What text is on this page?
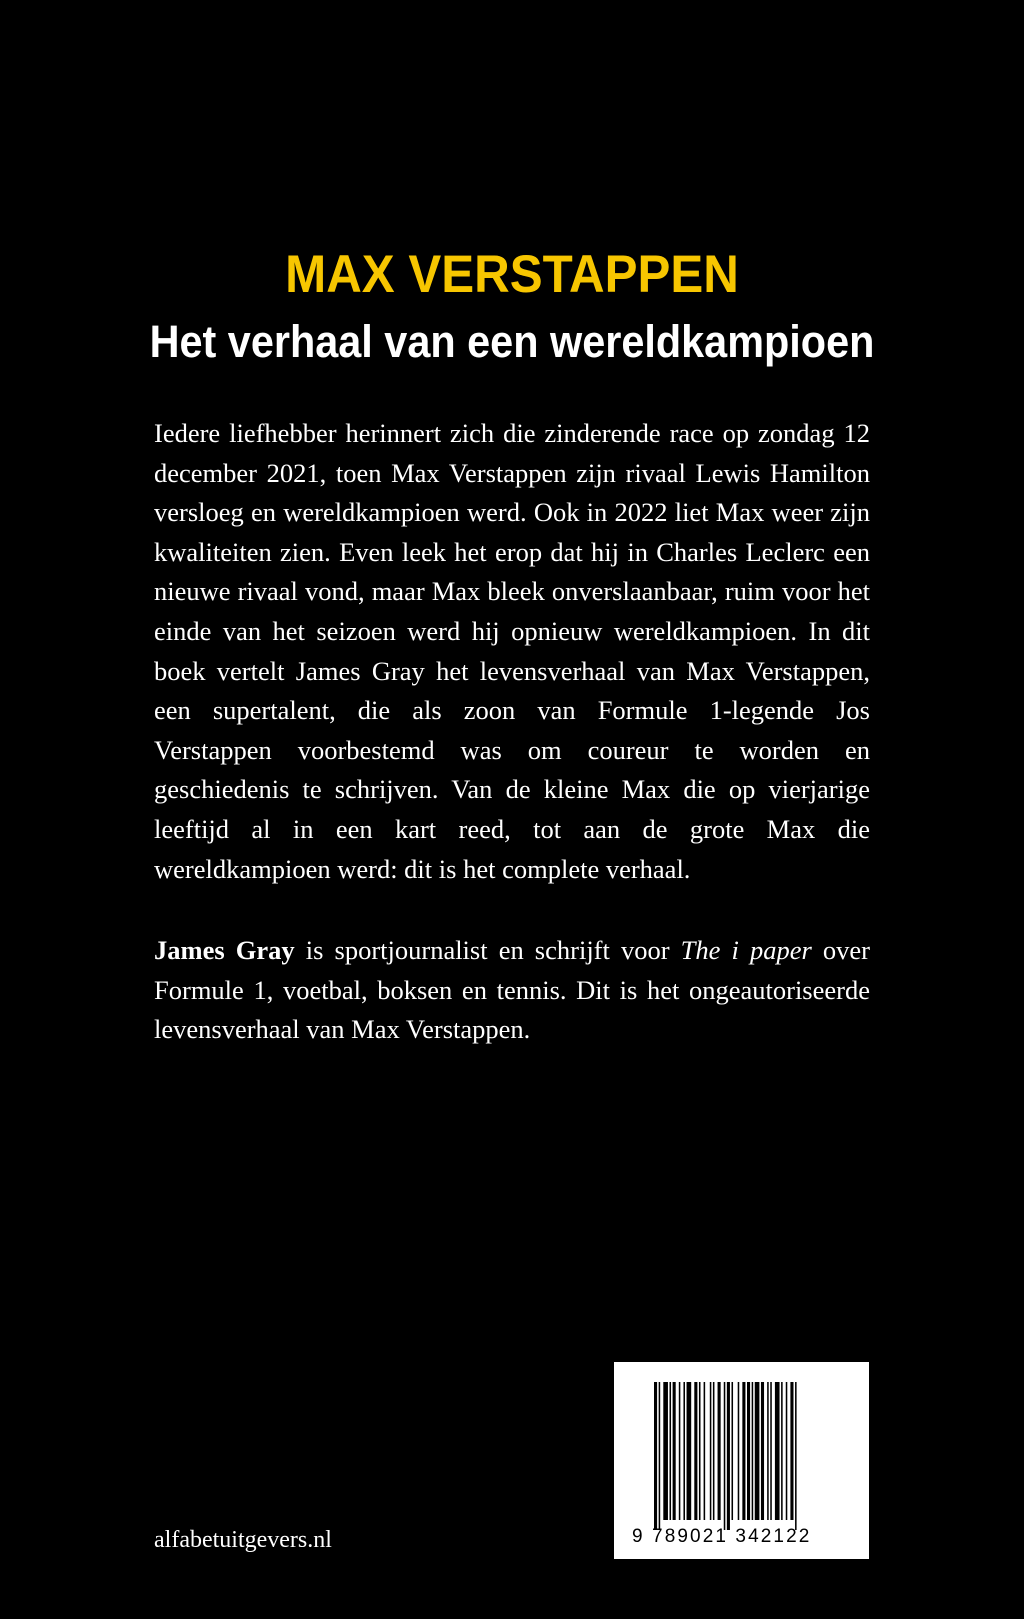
MAX VERSTAPPEN
Het verhaal van een wereldkampioen

Iedere liefhebber herinnert zich die zinderende race op zondag 12 december 2021, toen Max Verstappen zijn rivaal Lewis Hamilton versloeg en wereldkampioen werd. Ook in 2022 liet Max weer zijn kwaliteiten zien. Even leek het erop dat hij in Charles Leclerc een nieuwe rivaal vond, maar Max bleek onverslaanbaar, ruim voor het einde van het seizoen werd hij opnieuw wereldkampioen. In dit boek vertelt James Gray het levensverhaal van Max Verstappen, een supertalent, die als zoon van Formule 1-legende Jos Verstappen voorbestemd was om coureur te worden en geschiedenis te schrijven. Van de kleine Max die op vierjarige leeftijd al in een kart reed, tot aan de grote Max die wereldkampioen werd: dit is het complete verhaal.

James Gray is sportjournalist en schrijft voor The i paper over Formule 1, voetbal, boksen en tennis. Dit is het ongeautoriseerde levensverhaal van Max Verstappen.

alfabetuitgevers.nl	9 789021 342122
